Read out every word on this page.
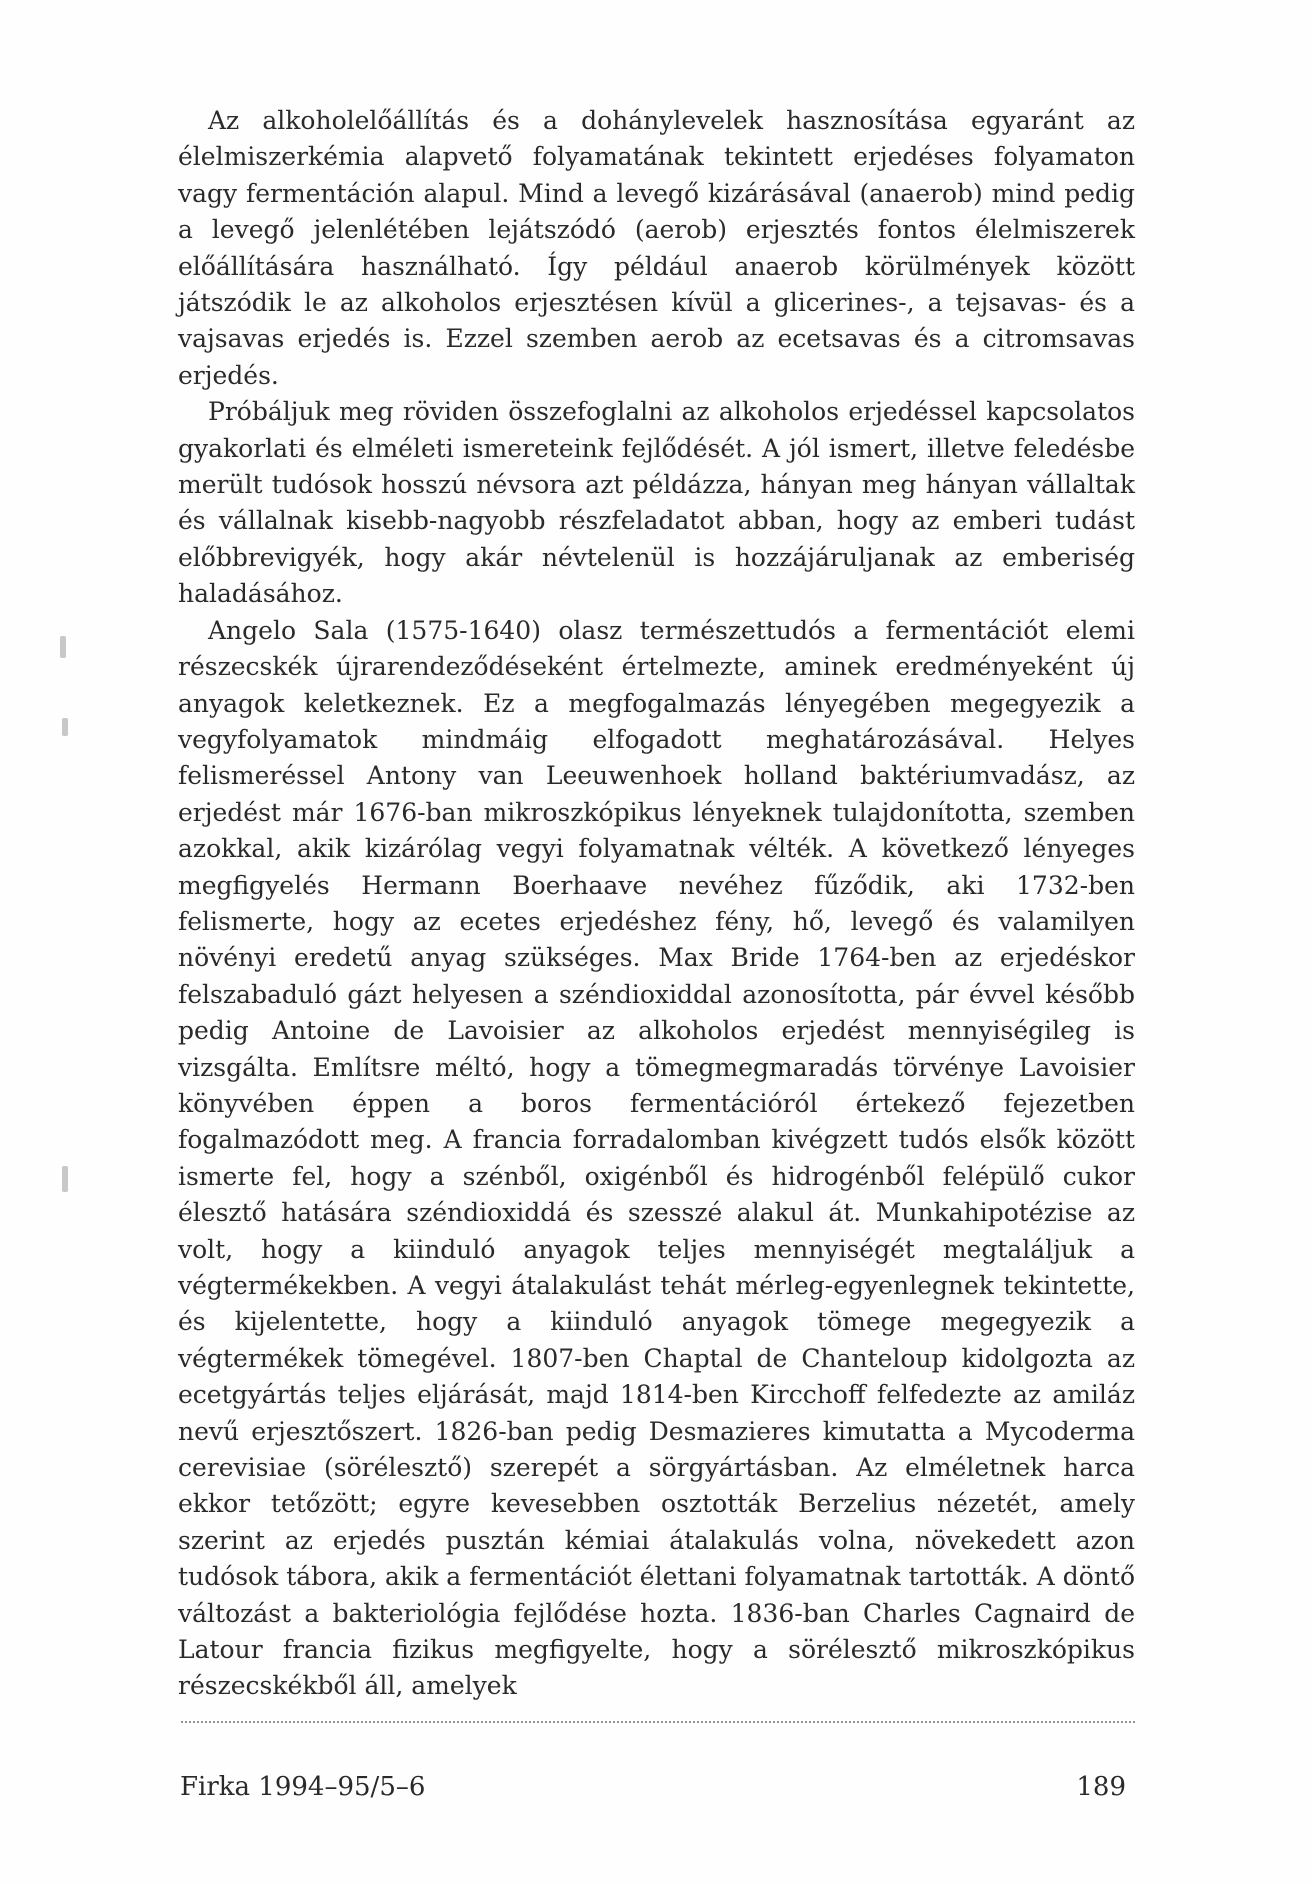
Az alkoholelőállítás és a dohánylevelek hasznosítása egyaránt az élelmiszerkémia alapvető folyamatának tekintett erjedéses folyamaton vagy fermentáción alapul. Mind a levegő kizárásával (anaerob) mind pedig a levegő jelenlétében lejátszódó (aerob) erjesztés fontos élelmiszerek előállítására használható. Így például anaerob körülmények között játszódik le az alkoholos erjesztésen kívül a glicerines-, a tejsavas- és a vajsavas erjedés is. Ezzel szemben aerob az ecetsavas és a citromsavas erjedés.

Próbáljuk meg röviden összefoglalni az alkoholos erjedéssel kapcsolatos gyakorlati és elméleti ismereteink fejlődését. A jól ismert, illetve feledésbe merült tudósok hosszú névsora azt példázza, hányan meg hányan vállaltak és vállalnak kisebb-nagyobb részfeladatot abban, hogy az emberi tudást előbbrevigyék, hogy akár névtelenül is hozzájáruljanak az emberiség haladásához.

Angelo Sala (1575-1640) olasz természettudós a fermentációt elemi részecskék újrarendeződéseként értelmezte, aminek eredményeként új anyagok keletkeznek. Ez a megfogalmazás lényegében megegyezik a vegyfolyamatok mindmáig elfogadott meghatározásával. Helyes felismeréssel Antony van Leeuwenhoek holland baktériumvadász, az erjedést már 1676-ban mikroszkópikus lényeknek tulajdonította, szemben azokkal, akik kizárólag vegyi folyamatnak vélték. A következő lényeges megfigyelés Hermann Boerhaave nevéhez fűződik, aki 1732-ben felismerte, hogy az ecetes erjedéshez fény, hő, levegő és valamilyen növényi eredetű anyag szükséges. Max Bride 1764-ben az erjedéskor felszabaduló gázt helyesen a széndioxiddal azonosította, pár évvel később pedig Antoine de Lavoisier az alkoholos erjedést mennyiségileg is vizsgálta. Említsre méltó, hogy a tömegmegmaradás törvénye Lavoisier könyvében éppen a boros fermentációról értekező fejezetben fogalmazódott meg. A francia forradalomban kivégzett tudós elsők között ismerte fel, hogy a szénből, oxigénből és hidrogénből felépülő cukor élesztő hatására széndioxiddá és szesszé alakul át. Munkahipotézise az volt, hogy a kiinduló anyagok teljes mennyiségét megtaláljuk a végtermékekben. A vegyi átalakulást tehát mérleg-egyenlegnek tekintette, és kijelentette, hogy a kiinduló anyagok tömege megegyezik a végtermékek tömegével. 1807-ben Chaptal de Chanteloup kidolgozta az ecetgyártás teljes eljárását, majd 1814-ben Kircchoff felfedezte az amiláz nevű erjesztőszert. 1826-ban pedig Desmazieres kimutatta a Mycoderma cerevisiae (sörélesztő) szerepét a sörgyártásban. Az elméletnek harca ekkor tetőzött; egyre kevesebben osztották Berzelius nézetét, amely szerint az erjedés pusztán kémiai átalakulás volna, növekedett azon tudósok tábora, akik a fermentációt élettani folyamatnak tartották. A döntő változást a bakteriológia fejlődése hozta. 1836-ban Charles Cagnaird de Latour francia fizikus megfigyelte, hogy a sörélesztő mikroszkópikus részecskékből áll, amelyek

Firka 1994–95/5–6	189
